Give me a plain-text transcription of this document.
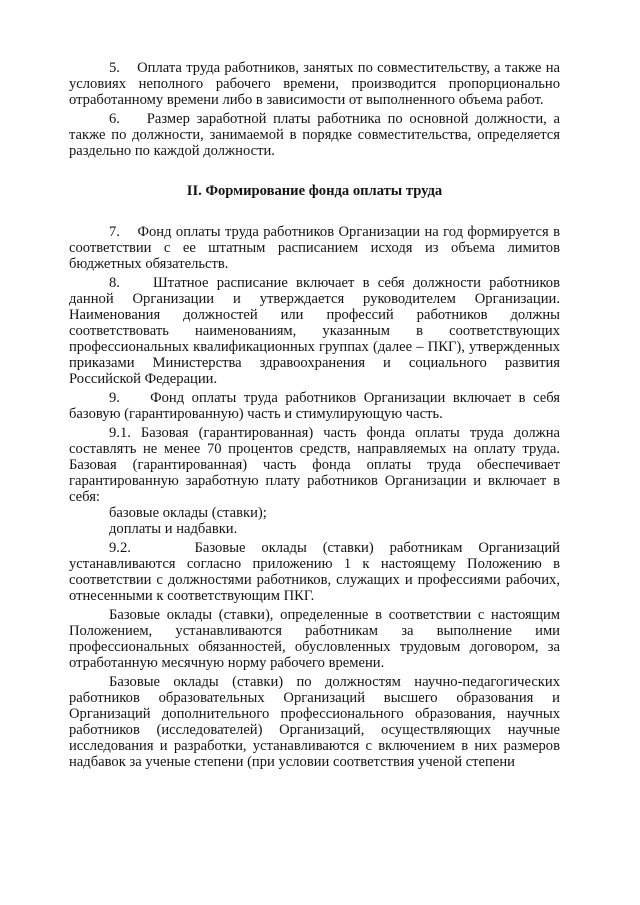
5.    Оплата труда работников, занятых по совместительству, а также на условиях неполного рабочего времени, производится пропорционально отработанному времени либо в зависимости от выполненного объема работ.

6.    Размер заработной платы работника по основной должности, а также по должности, занимаемой в порядке совместительства, определяется раздельно по каждой должности.

II. Формирование фонда оплаты труда

7.    Фонд оплаты труда работников Организации на год формируется в соответствии с ее штатным расписанием исходя из объема лимитов бюджетных обязательств.

8.    Штатное расписание включает в себя должности работников данной Организации и утверждается руководителем Организации. Наименования должностей или профессий работников должны соответствовать наименованиям, указанным в соответствующих профессиональных квалификационных группах (далее – ПКГ), утвержденных приказами Министерства здравоохранения и социального развития Российской Федерации.

9.    Фонд оплаты труда работников Организации включает в себя базовую (гарантированную) часть и стимулирующую часть.

9.1. Базовая (гарантированная) часть фонда оплаты труда должна составлять не менее 70 процентов средств, направляемых на оплату труда. Базовая (гарантированная) часть фонда оплаты труда обеспечивает гарантированную заработную плату работников Организации и включает в себя:

базовые оклады (ставки);

доплаты и надбавки.

9.2.    Базовые оклады (ставки) работникам Организаций устанавливаются согласно приложению 1 к настоящему Положению в соответствии с должностями работников, служащих и профессиями рабочих, отнесенными к соответствующим ПКГ.

Базовые оклады (ставки), определенные в соответствии с настоящим Положением, устанавливаются работникам за выполнение ими профессиональных обязанностей, обусловленных трудовым договором, за отработанную месячную норму рабочего времени.

Базовые оклады (ставки) по должностям научно-педагогических работников образовательных Организаций высшего образования и Организаций дополнительного профессионального образования, научных работников (исследователей) Организаций, осуществляющих научные исследования и разработки, устанавливаются с включением в них размеров надбавок за ученые степени (при условии соответствия ученой степени
